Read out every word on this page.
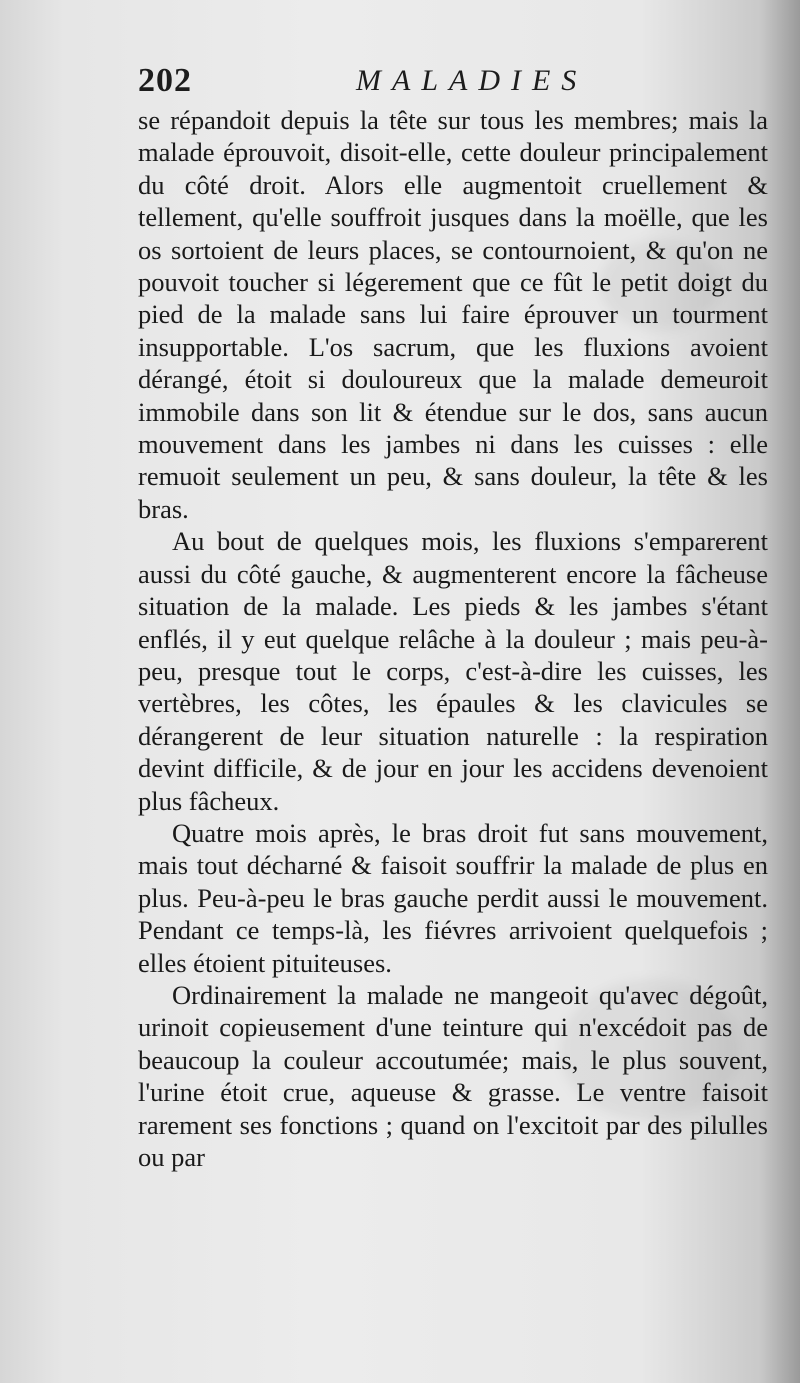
202	MALADIES

se répandoit depuis la tête sur tous les membres; mais la malade éprouvoit, disoit-elle, cette douleur principalement du côté droit. Alors elle augmentoit cruellement & tellement, qu'elle souffroit jusques dans la moëlle, que les os sortoient de leurs places, se contournoient, & qu'on ne pouvoit toucher si légerement que ce fût le petit doigt du pied de la malade sans lui faire éprouver un tourment insupportable. L'os sacrum, que les fluxions avoient dérangé, étoit si douloureux que la malade demeuroit immobile dans son lit & étendue sur le dos, sans aucun mouvement dans les jambes ni dans les cuisses : elle remuoit seulement un peu, & sans douleur, la tête & les bras.

Au bout de quelques mois, les fluxions s'emparerent aussi du côté gauche, & augmenterent encore la fâcheuse situation de la malade. Les pieds & les jambes s'étant enflés, il y eut quelque relâche à la douleur ; mais peu-à-peu, presque tout le corps, c'est-à-dire les cuisses, les vertèbres, les côtes, les épaules & les clavicules se dérangerent de leur situation naturelle : la respiration devint difficile, & de jour en jour les accidens devenoient plus fâcheux.

Quatre mois après, le bras droit fut sans mouvement, mais tout décharné & faisoit souffrir la malade de plus en plus. Peu-à-peu le bras gauche perdit aussi le mouvement. Pendant ce temps-là, les fiévres arrivoient quelquefois ; elles étoient pituiteuses.

Ordinairement la malade ne mangeoit qu'avec dégoût, urinoit copieusement d'une teinture qui n'excédoit pas de beaucoup la couleur accoutumée; mais, le plus souvent, l'urine étoit crue, aqueuse & grasse. Le ventre faisoit rarement ses fonctions ; quand on l'excitoit par des pilulles ou par
